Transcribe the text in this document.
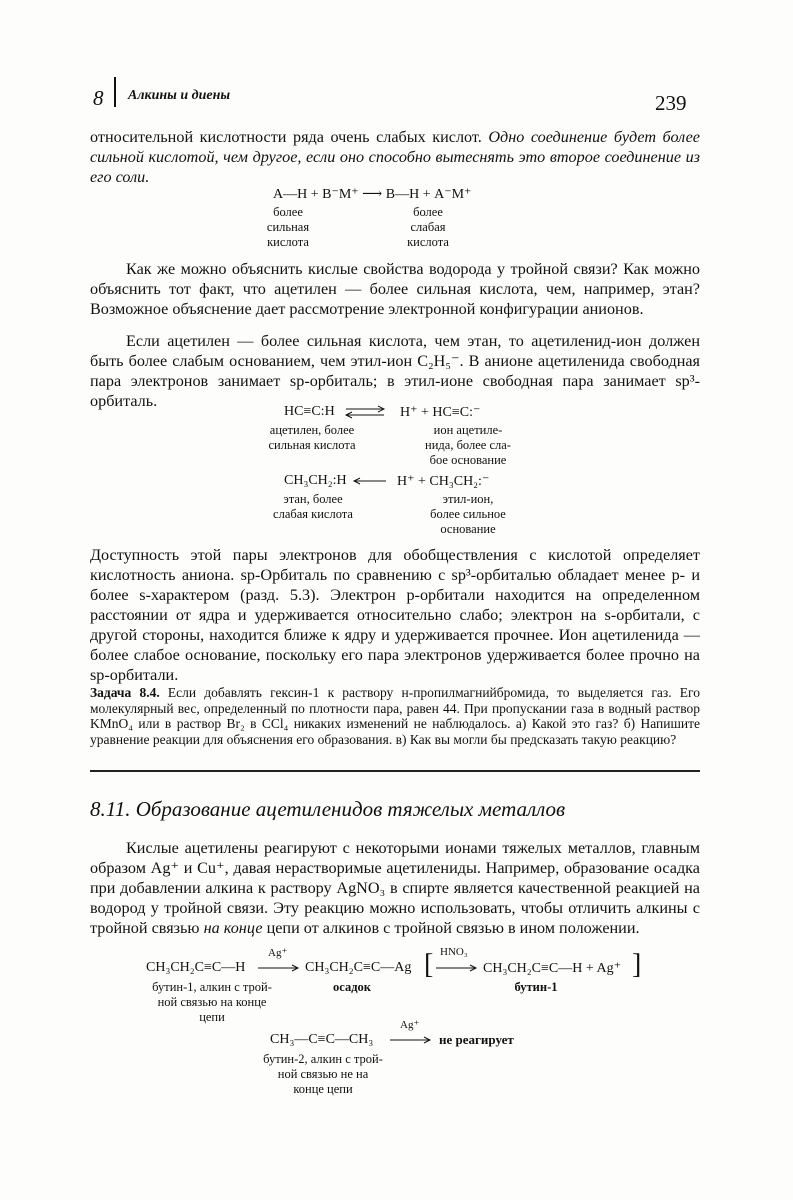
8 Алкины и диены	239

относительной кислотности ряда очень слабых кислот. Одно соединение будет более сильной кислотой, чем другое, если оно способно вытеснять это второе соединение из его соли.

А—Н + B⁻M⁺ ⟶ В—Н + A⁻M⁺
более
сильная
кислота
более
слабая
кислота

Как же можно объяснить кислые свойства водорода у тройной связи? Как можно объяснить тот факт, что ацетилен — более сильная кислота, чем, например, этан? Возможное объяснение дает рассмотрение электронной конфигурации анионов.

Если ацетилен — более сильная кислота, чем этан, то ацетиленид-ион должен быть более слабым основанием, чем этил-ион C₂H₅⁻. В анионе ацетиленида свободная пара электронов занимает sp-орбиталь; в этил-ионе свободная пара занимает sp³-орбиталь.

HC≡C:H ⇌ H⁺ + HC≡C:⁻
ацетилен, более
сильная кислота
ион ацетиле-
нида, более сла-
бое основание
CH₃CH₂:H	H⁺ + CH₃CH₂:⁻
этан, более
слабая кислота
этил-ион,
более сильное
основание

Доступность этой пары электронов для обобществления с кислотой определяет кислотность аниона. sp-Орбиталь по сравнению с sp³-орбиталью обладает менее p- и более s-характером (разд. 5.3). Электрон p-орбитали находится на определенном расстоянии от ядра и удерживается относительно слабо; электрон на s-орбитали, с другой стороны, находится ближе к ядру и удерживается прочнее. Ион ацетиленида — более слабое основание, поскольку его пара электронов удерживается более прочно на sp-орбитали.

Задача 8.4. Если добавлять гексин-1 к раствору н-пропилмагнийбромида, то выделяется газ. Его молекулярный вес, определенный по плотности пара, равен 44. При пропускании газа в водный раствор KMnO₄ или в раствор Br₂ в CCl₄ никаких изменений не наблюдалось. а) Какой это газ? б) Напишите уравнение реакции для объяснения его образования. в) Как вы могли бы предсказать такую реакцию?

8.11. Образование ацетиленидов тяжелых металлов

Кислые ацетилены реагируют с некоторыми ионами тяжелых металлов, главным образом Ag⁺ и Cu⁺, давая нерастворимые ацетилениды. Например, образование осадка при добавлении алкина к раствору AgNO₃ в спирте является качественной реакцией на водород у тройной связи. Эту реакцию можно использовать, чтобы отличить алкины с тройной связью на конце цепи от алкинов с тройной связью в ином положении.

CH₃CH₂C≡C—H
Ag⁺
→ CH₃CH₂C≡C—Ag [ HNO₃
→ CH₃CH₂C≡C—H + Ag⁺ ]
бутин-1, алкин с трой-
ной связью на конце
цепи
осадок	бутин-1
CH₃—C≡C—CH₃
Ag⁺
→ не реагирует
бутин-2, алкин с трой-
ной связью не на
конце цепи
